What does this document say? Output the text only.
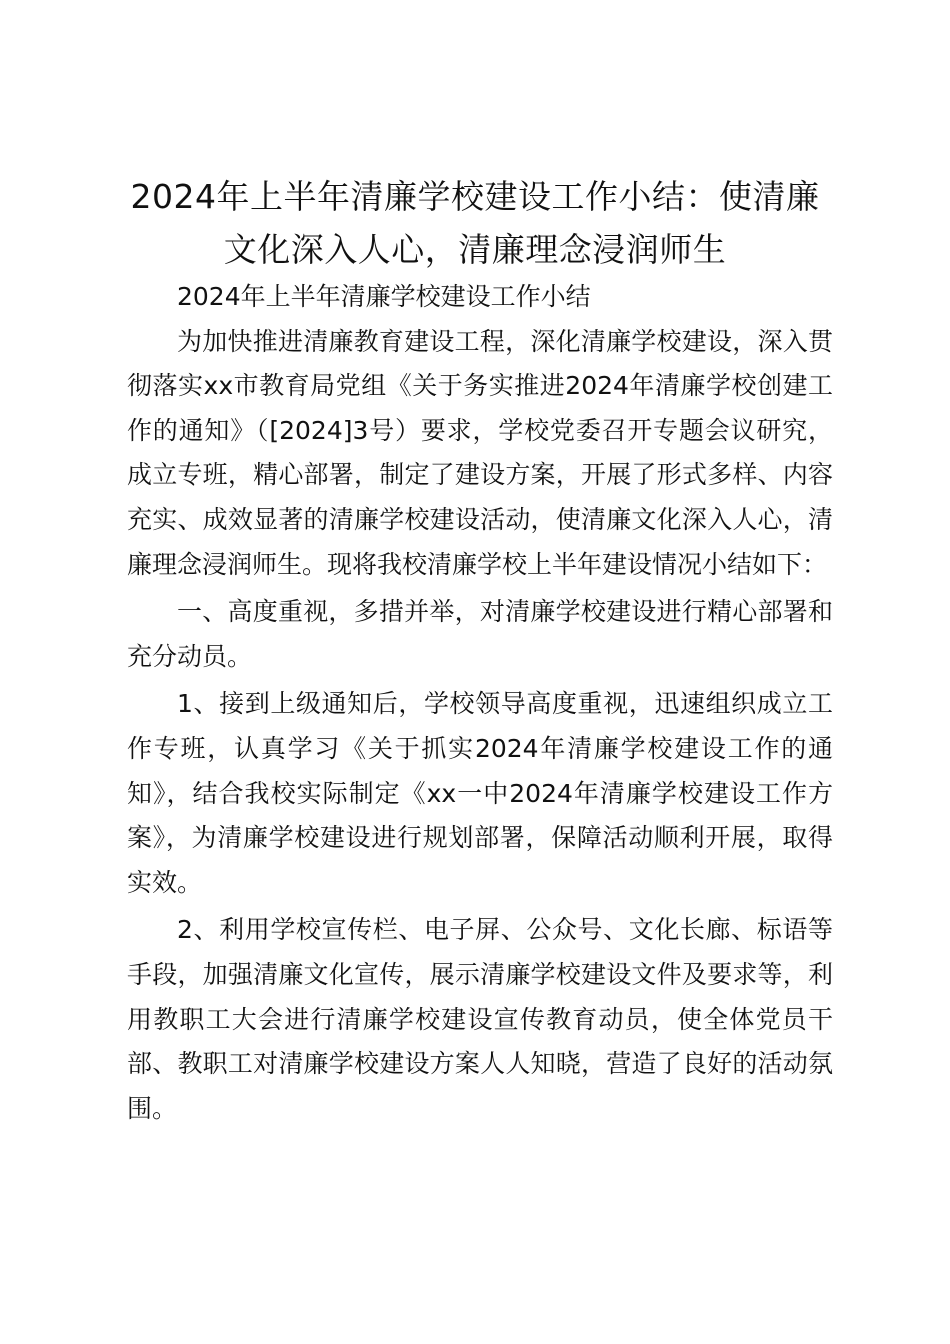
2024年上半年清廉学校建设工作小结：使清廉文化深入人心，清廉理念浸润师生

2024年上半年清廉学校建设工作小结

为加快推进清廉教育建设工程，深化清廉学校建设，深入贯彻落实xx市教育局党组《关于务实推进2024年清廉学校创建工作的通知》（[2024]3号）要求，学校党委召开专题会议研究，成立专班，精心部署，制定了建设方案，开展了形式多样、内容充实、成效显著的清廉学校建设活动，使清廉文化深入人心，清廉理念浸润师生。现将我校清廉学校上半年建设情况小结如下：

一、高度重视，多措并举，对清廉学校建设进行精心部署和充分动员。

1、接到上级通知后，学校领导高度重视，迅速组织成立工作专班，认真学习《关于抓实2024年清廉学校建设工作的通知》，结合我校实际制定《xx一中2024年清廉学校建设工作方案》，为清廉学校建设进行规划部署，保障活动顺利开展，取得实效。

2、利用学校宣传栏、电子屏、公众号、文化长廊、标语等手段，加强清廉文化宣传，展示清廉学校建设文件及要求等，利用教职工大会进行清廉学校建设宣传教育动员，使全体党员干部、教职工对清廉学校建设方案人人知晓，营造了良好的活动氛围。
